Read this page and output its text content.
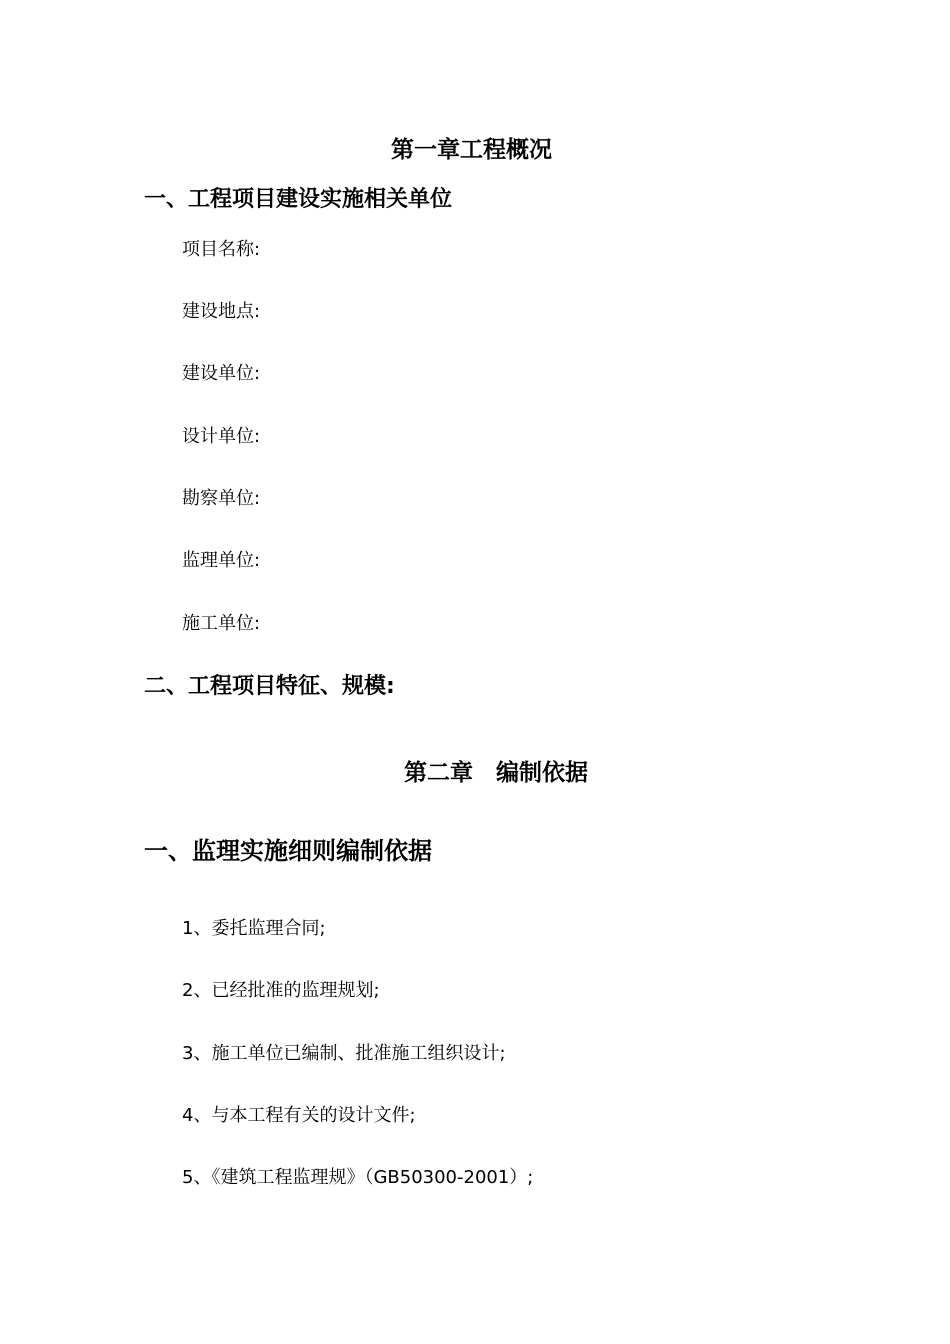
第一章工程概况
一、工程项目建设实施相关单位
项目名称:
建设地点:
建设单位:
设计单位:
勘察单位:
监理单位:
施工单位:
二、工程项目特征、规模:
第二章　编制依据
一、监理实施细则编制依据
1、委托监理合同;
2、已经批准的监理规划;
3、施工单位已编制、批准施工组织设计;
4、与本工程有关的设计文件;
5、《建筑工程监理规》（GB50300-2001）;
